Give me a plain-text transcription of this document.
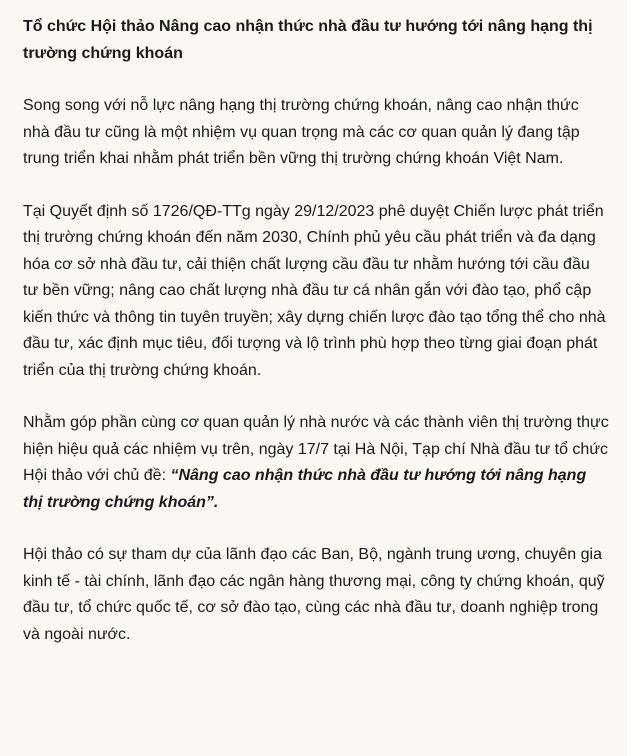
Tổ chức Hội thảo Nâng cao nhận thức nhà đầu tư hướng tới nâng hạng thị trường chứng khoán

Song song với nỗ lực nâng hạng thị trường chứng khoán, nâng cao nhận thức nhà đầu tư cũng là một nhiệm vụ quan trọng mà các cơ quan quản lý đang tập trung triển khai nhằm phát triển bền vững thị trường chứng khoán Việt Nam.

Tại Quyết định số 1726/QĐ-TTg ngày 29/12/2023 phê duyệt Chiến lược phát triển thị trường chứng khoán đến năm 2030, Chính phủ yêu cầu phát triển và đa dạng hóa cơ sở nhà đầu tư, cải thiện chất lượng cầu đầu tư nhằm hướng tới cầu đầu tư bền vững; nâng cao chất lượng nhà đầu tư cá nhân gắn với đào tạo, phổ cập kiến thức và thông tin tuyên truyền; xây dựng chiến lược đào tạo tổng thể cho nhà đầu tư, xác định mục tiêu, đối tượng và lộ trình phù hợp theo từng giai đoạn phát triển của thị trường chứng khoán.

Nhằm góp phần cùng cơ quan quản lý nhà nước và các thành viên thị trường thực hiện hiệu quả các nhiệm vụ trên, ngày 17/7 tại Hà Nội, Tạp chí Nhà đầu tư tổ chức Hội thảo với chủ đề: “Nâng cao nhận thức nhà đầu tư hướng tới nâng hạng thị trường chứng khoán”.

Hội thảo có sự tham dự của lãnh đạo các Ban, Bộ, ngành trung ương, chuyên gia kinh tế - tài chính, lãnh đạo các ngân hàng thương mại, công ty chứng khoán, quỹ đầu tư, tổ chức quốc tế, cơ sở đào tạo, cùng các nhà đầu tư, doanh nghiệp trong và ngoài nước.
